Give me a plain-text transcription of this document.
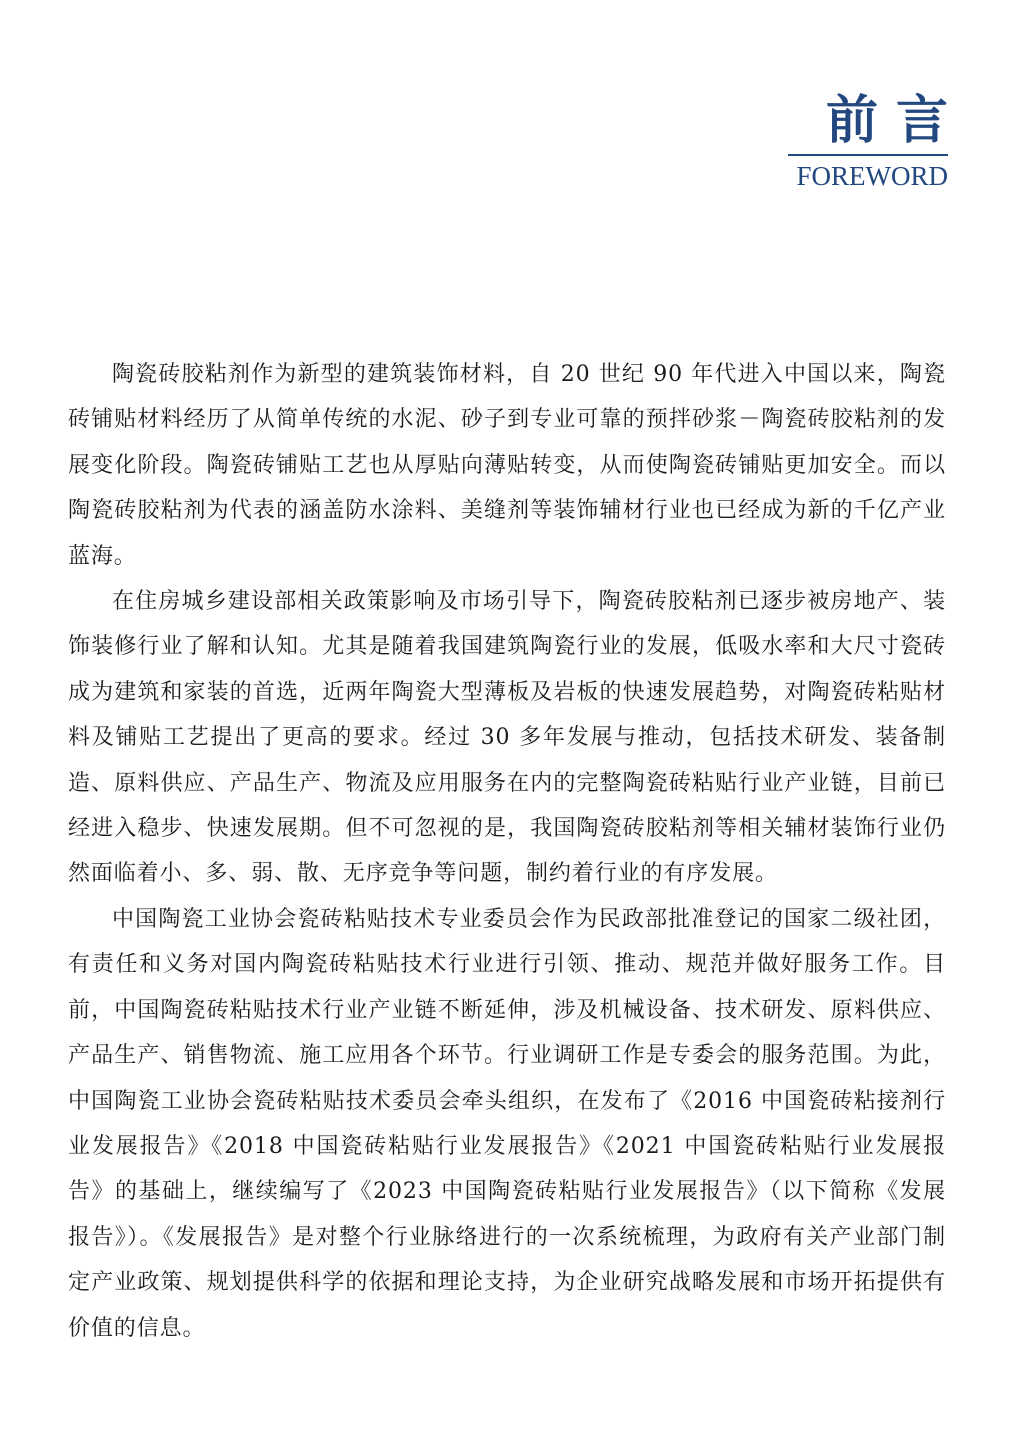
前言
FOREWORD

陶瓷砖胶粘剂作为新型的建筑装饰材料，自 20 世纪 90 年代进入中国以来，陶瓷砖铺贴材料经历了从简单传统的水泥、砂子到专业可靠的预拌砂浆－陶瓷砖胶粘剂的发展变化阶段。陶瓷砖铺贴工艺也从厚贴向薄贴转变，从而使陶瓷砖铺贴更加安全。而以陶瓷砖胶粘剂为代表的涵盖防水涂料、美缝剂等装饰辅材行业也已经成为新的千亿产业蓝海。

在住房城乡建设部相关政策影响及市场引导下，陶瓷砖胶粘剂已逐步被房地产、装饰装修行业了解和认知。尤其是随着我国建筑陶瓷行业的发展，低吸水率和大尺寸瓷砖成为建筑和家装的首选，近两年陶瓷大型薄板及岩板的快速发展趋势，对陶瓷砖粘贴材料及铺贴工艺提出了更高的要求。经过 30 多年发展与推动，包括技术研发、装备制造、原料供应、产品生产、物流及应用服务在内的完整陶瓷砖粘贴行业产业链，目前已经进入稳步、快速发展期。但不可忽视的是，我国陶瓷砖胶粘剂等相关辅材装饰行业仍然面临着小、多、弱、散、无序竞争等问题，制约着行业的有序发展。

中国陶瓷工业协会瓷砖粘贴技术专业委员会作为民政部批准登记的国家二级社团，有责任和义务对国内陶瓷砖粘贴技术行业进行引领、推动、规范并做好服务工作。目前，中国陶瓷砖粘贴技术行业产业链不断延伸，涉及机械设备、技术研发、原料供应、产品生产、销售物流、施工应用各个环节。行业调研工作是专委会的服务范围。为此，中国陶瓷工业协会瓷砖粘贴技术委员会牵头组织，在发布了《2016 中国瓷砖粘接剂行业发展报告》《2018 中国瓷砖粘贴行业发展报告》《2021 中国瓷砖粘贴行业发展报告》的基础上，继续编写了《2023 中国陶瓷砖粘贴行业发展报告》（以下简称《发展报告》）。《发展报告》是对整个行业脉络进行的一次系统梳理，为政府有关产业部门制定产业政策、规划提供科学的依据和理论支持，为企业研究战略发展和市场开拓提供有价值的信息。
